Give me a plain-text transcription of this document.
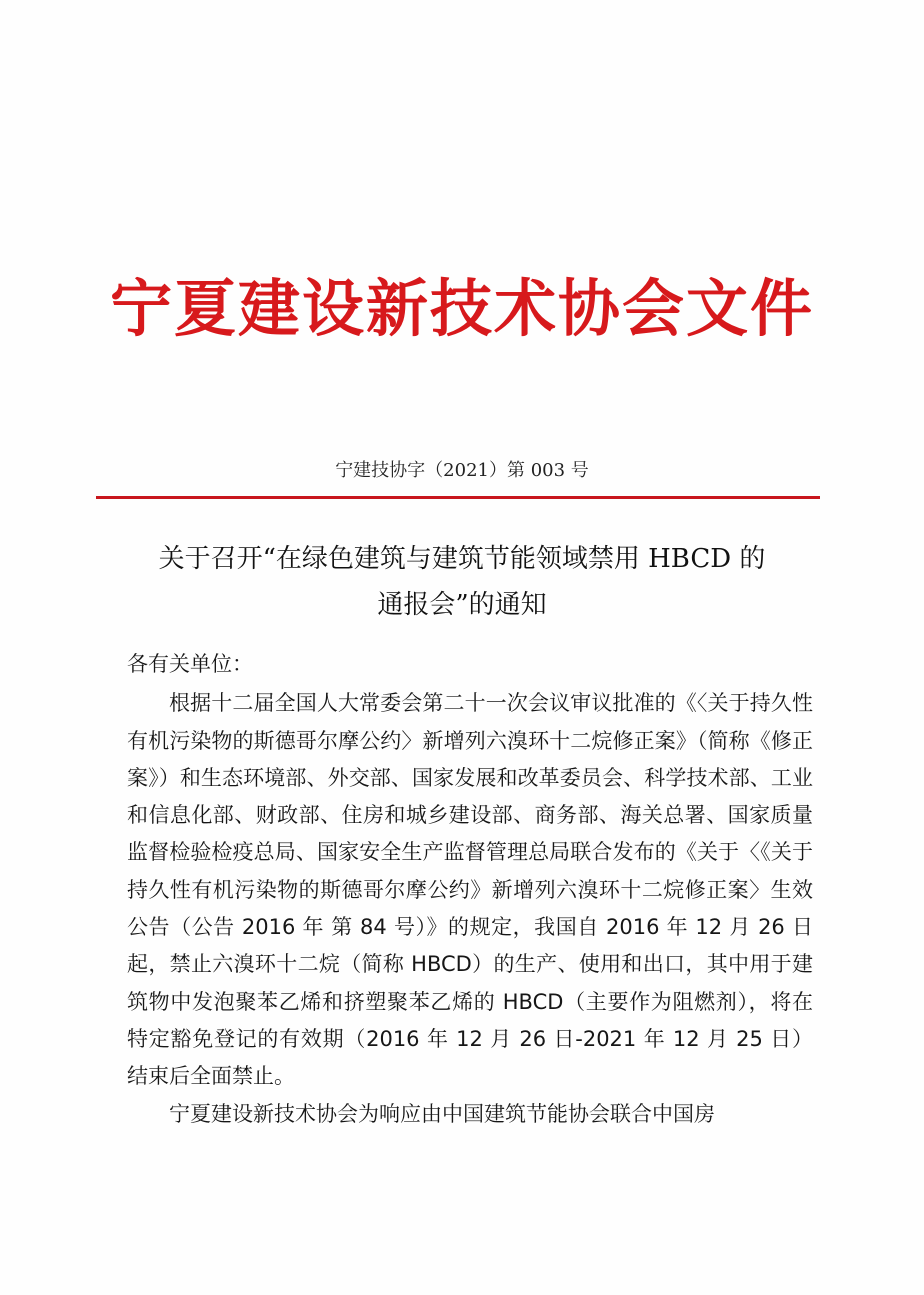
宁夏建设新技术协会文件
宁建技协字（2021）第 003 号
关于召开“在绿色建筑与建筑节能领域禁用 HBCD 的
通报会”的通知

各有关单位：

根据十二届全国人大常委会第二十一次会议审议批准的《〈关于持久性有机污染物的斯德哥尔摩公约〉新增列六溴环十二烷修正案》（简称《修正案》）和生态环境部、外交部、国家发展和改革委员会、科学技术部、工业和信息化部、财政部、住房和城乡建设部、商务部、海关总署、国家质量监督检验检疫总局、国家安全生产监督管理总局联合发布的《关于〈《关于持久性有机污染物的斯德哥尔摩公约》新增列六溴环十二烷修正案〉生效公告（公告 2016 年 第 84 号）》的规定，我国自 2016 年 12 月 26 日起，禁止六溴环十二烷（简称 HBCD）的生产、使用和出口，其中用于建筑物中发泡聚苯乙烯和挤塑聚苯乙烯的 HBCD（主要作为阻燃剂），将在特定豁免登记的有效期（2016 年 12 月 26 日-2021 年 12 月 25 日）结束后全面禁止。

宁夏建设新技术协会为响应由中国建筑节能协会联合中国房
